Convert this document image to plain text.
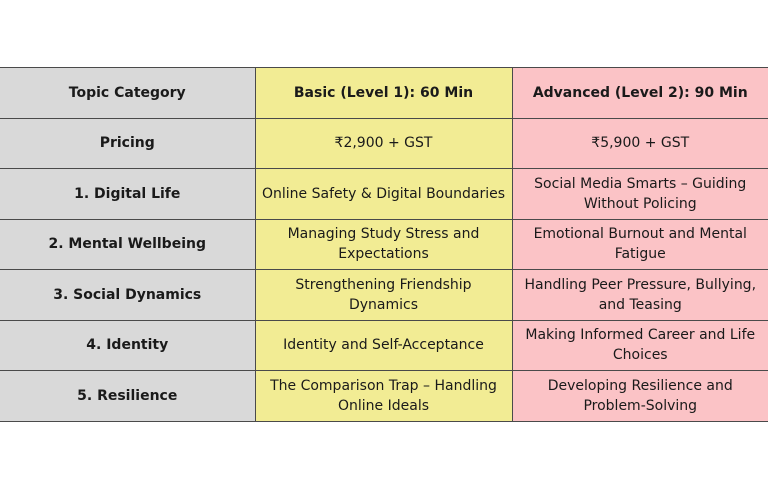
Topic Category	Basic (Level 1): 60 Min	Advanced (Level 2): 90 Min
Pricing	₹2,900 + GST	₹5,900 + GST
1. Digital Life	Online Safety & Digital Boundaries	Social Media Smarts – Guiding Without Policing
2. Mental Wellbeing	Managing Study Stress and Expectations	Emotional Burnout and Mental Fatigue
3. Social Dynamics	Strengthening Friendship Dynamics	Handling Peer Pressure, Bullying, and Teasing
4. Identity	Identity and Self-Acceptance	Making Informed Career and Life Choices
5. Resilience	The Comparison Trap – Handling Online Ideals	Developing Resilience and Problem-Solving
